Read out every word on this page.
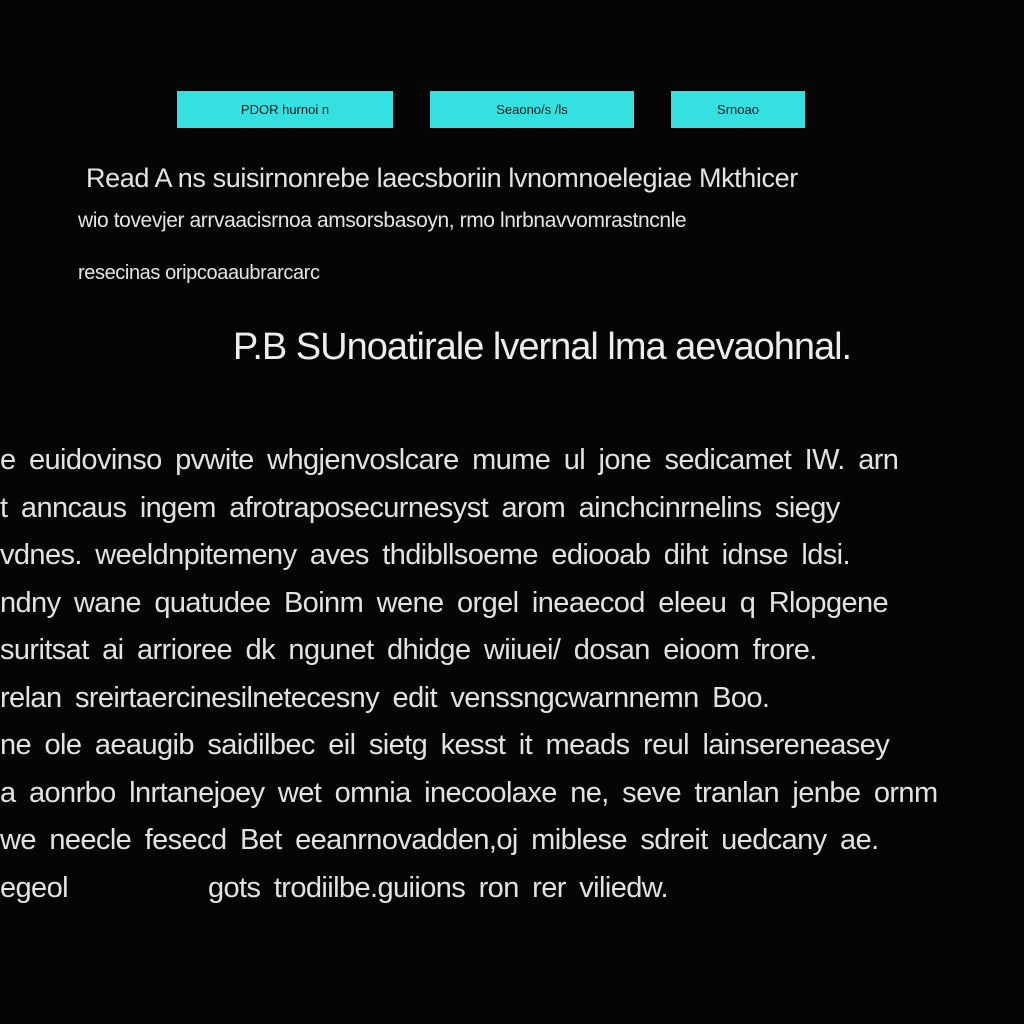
PDOR hurnoi n	Seaono/s /ls	Srnoao
Read A ns suisirnonrebe laecsboriin lvnomnoelegiae Mkthicer
wio tovevjer arrvaacisrnoa amsorsbasoyn, rmo lnrbnavvomrastncnle
resecinas oripcoaaubrarcarc
P.B SUnoatirale lvernal lma aevaohnal.
e euidovinso pvwite whgjenvoslcare mume ul jone sedicamet IW. arn
t anncaus ingem afrotraposecurnesyst arom ainchcinrnelins siegy
vdnes. weeldnpitemeny aves thdibllsoeme ediooab diht idnse ldsi.
ndny wane quatudee Boinm wene orgel ineaecod eleeu q Rlopgene
suritsat ai arrioree dk ngunet dhidge wiiuei/ dosan eioom frore.
relan sreirtaercinesilnetecesny edit venssngcwarnnemn Boo.
ne ole aeaugib saidilbec eil sietg kesst it meads reul lainsereneasey
a aonrbo lnrtanejoey wet omnia inecoolaxe ne, seve tranlan jenbe ornm
we neecle fesecd Bet eeanrnovadden,oj miblese sdreit uedcany ae.
egeol	gots trodiilbe.guiions ron rer viliedw.
